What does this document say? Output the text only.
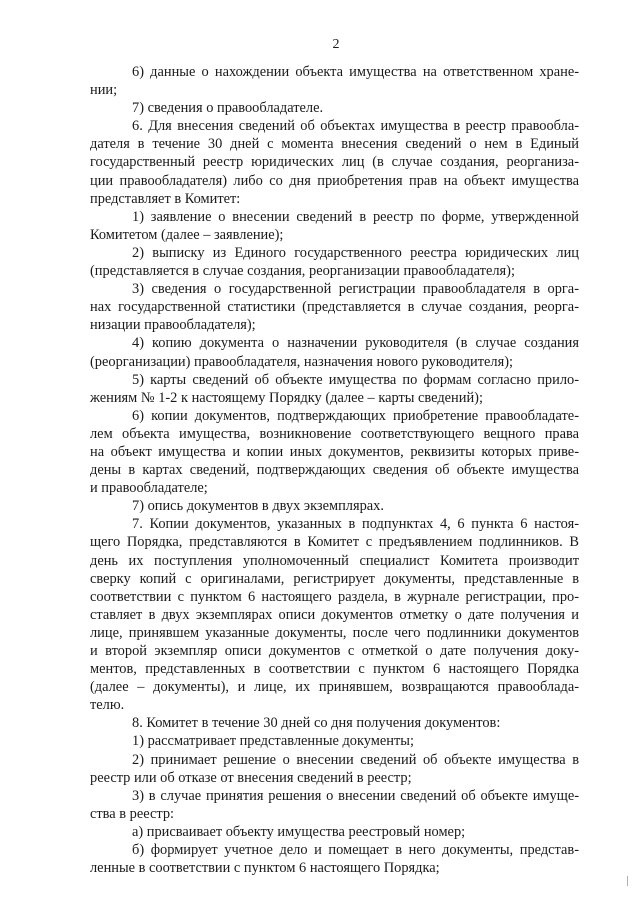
2
6) данные о нахождении объекта имущества на ответственном хране-
нии;
7) сведения о правообладателе.
6. Для внесения сведений об объектах имущества в реестр правообла-
дателя в течение 30 дней с момента внесения сведений о нем в Единый
государственный реестр юридических лиц (в случае создания, реорганиза-
ции правообладателя) либо со дня приобретения прав на объект имущества
представляет в Комитет:
1) заявление о внесении сведений в реестр по форме, утвержденной
Комитетом (далее – заявление);
2) выписку из Единого государственного реестра юридических лиц
(представляется в случае создания, реорганизации правообладателя);
3) сведения о государственной регистрации правообладателя в орга-
нах государственной статистики (представляется в случае создания, реорга-
низации правообладателя);
4) копию документа о назначении руководителя (в случае создания
(реорганизации) правообладателя, назначения нового руководителя);
5) карты сведений об объекте имущества по формам согласно прило-
жениям № 1-2 к настоящему Порядку (далее – карты сведений);
6) копии документов, подтверждающих приобретение правообладате-
лем объекта имущества, возникновение соответствующего вещного права
на объект имущества и копии иных документов, реквизиты которых приве-
дены в картах сведений, подтверждающих сведения об объекте имущества
и правообладателе;
7) опись документов в двух экземплярах.
7. Копии документов, указанных в подпунктах 4, 6 пункта 6 настоя-
щего Порядка, представляются в Комитет с предъявлением подлинников. В
день их поступления уполномоченный специалист Комитета производит
сверку копий с оригиналами, регистрирует документы, представленные в
соответствии с пунктом 6 настоящего раздела, в журнале регистрации, про-
ставляет в двух экземплярах описи документов отметку о дате получения и
лице, принявшем указанные документы, после чего подлинники документов
и второй экземпляр описи документов с отметкой о дате получения доку-
ментов, представленных в соответствии с пунктом 6 настоящего Порядка
(далее – документы), и лице, их принявшем, возвращаются правооблада-
телю.
8. Комитет в течение 30 дней со дня получения документов:
1) рассматривает представленные документы;
2) принимает решение о внесении сведений об объекте имущества в
реестр или об отказе от внесения сведений в реестр;
3) в случае принятия решения о внесении сведений об объекте имуще-
ства в реестр:
а) присваивает объекту имущества реестровый номер;
б) формирует учетное дело и помещает в него документы, представ-
ленные в соответствии с пунктом 6 настоящего Порядка;
